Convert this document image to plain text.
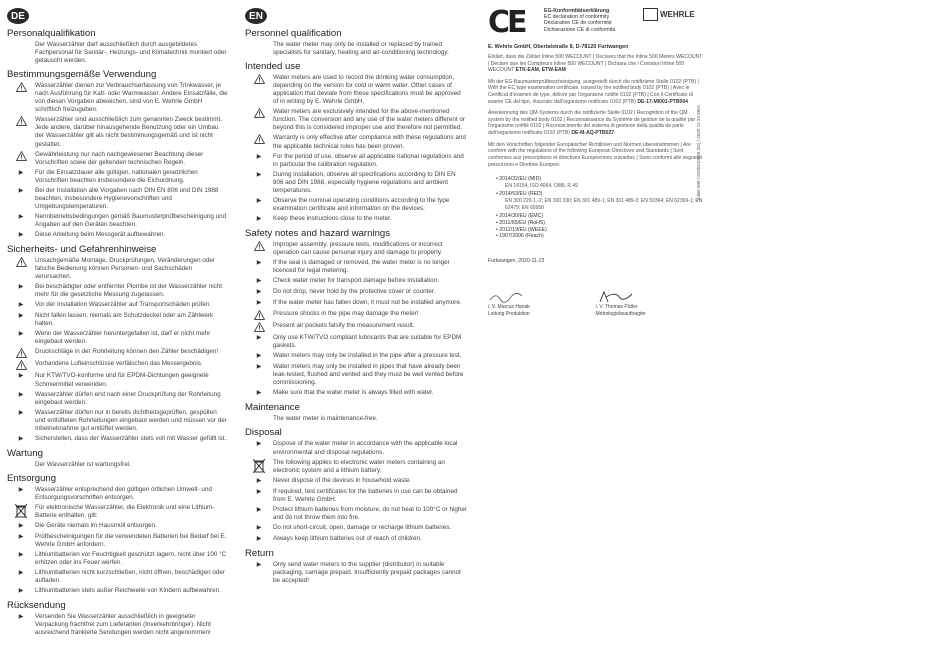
DE
Personalqualifikation
Der Wasserzähler darf ausschließlich durch ausgebildetes Fachpersonal für Sanitär-, Heizungs- und Klimatechnik montiert oder getauscht werden.
Bestimmungsgemäße Verwendung
Wasserzähler dienen zur Verbrauchserfassung von Trinkwasser, je nach Ausführung für Kalt- oder Warmwasser. Andere Einsatzfälle, die von diesen Vorgaben abweichen, sind von E. Wehrle GmbH schriftlich freizugeben.
Wasserzähler sind ausschließlich zum genannten Zweck bestimmt. Jede andere, darüber hinausgehende Benutzung oder ein Umbau der Wasserzähler gilt als nicht bestimmungsgemäß und ist nicht gestattet.
Gewährleistung nur nach nachgewiesener Beachtung dieser Vorschriften sowie der geltenden technischen Regeln.
▶	Für die Einsatzdauer alle gültigen, nationalen gesetzlichen Vorschriften beachten insbesondere die Eichordnung.
▶	Bei der Installation alle Vorgaben nach DIN EN 806 und DIN 1988 beachten, insbesondere Hygienevorschriften und Umgebungstemperaturen.
▶	Nennbetriebsbedingungen gemäß Baumusterprüfbescheinigung und Angaben auf den Geräten beachten.
▶	Diese Anleitung beim Messgerät aufbewahren.
Sicherheits- und Gefahrenhinweise
Unsachgemäße Montage, Druckprüfungen, Veränderungen oder falsche Bedienung können Personen- und Sachschäden verursachen.
▶	Bei beschädigter oder entfernter Plombe ist der Wasserzähler nicht mehr für die gesetzliche Messung zugelassen.
▶	Vor der Installation Wasserzähler auf Transportschäden prüfen.
▶	Nicht fallen lassen, niemals am Schutzdeckel oder am Zählwerk halten.
▶	Wenn der Wasserzähler heruntergefallen ist, darf er nicht mehr eingebaut werden.
Druckschläge in der Rohrleitung können den Zähler beschädigen!
Vorhandene Lufteinschlüsse verfälschen das Messergebnis.
▶	Nur KTW/TVO-konforme und für EPDM-Dichtungen geeignete Schmiermittel verwenden.
▶	Wasserzähler dürfen erst nach einer Druckprüfung der Rohrleitung eingebaut werden.
▶	Wasserzähler dürfen nur in bereits dichtheitsgeprüften, gespülten und entlüfteten Rohrleitungen eingebaut werden und müssen vor der Inbetriebnahme gut entlüftet werden.
▶	Sicherstellen, dass der Wasserzähler stets voll mit Wasser gefüllt ist.
Wartung
Der Wasserzähler ist wartungsfrei.
Entsorgung
▶	Wasserzähler entsprechend den gültigen örtlichen Umwelt- und Entsorgungsvorschriften entsorgen.
Für elektronische Wasserzähler, die Elektronik und eine Lithium-Batterie enthalten, gilt:
▶	Die Geräte niemals im Hausmüll entsorgen.
▶	Prüfbescheinigungen für die verwendeten Batterien bei Bedarf bei E. Wehrle GmbH anfordern.
▶	Lithiumbatterien vor Feuchtigkeit geschützt lagern, nicht über 100 °C erhitzen oder ins Feuer werfen.
▶	Lithiumbatterien nicht kurzschließen, nicht öffnen, beschädigen oder aufladen.
▶	Lithiumbatterien stets außer Reichweite von Kindern aufbewahren.
Rücksendung
▶	Versenden Sie Wasserzähler ausschließlich in geeigneter Verpackung frachtfrei zum Lieferanten (Inverkehrbringer). Nicht ausreichend frankierte Sendungen werden nicht angenommen!
EN
Personnel qualification
The water meter may only be installed or replaced by trained specialists for sanitary, heating and air-conditioning technology.
Intended use
Water meters are used to record the drinking water consumption, depending on the version for cold or warm water. Other cases of application that deviate from these specifications must be approved of in writing by E. Wehrle GmbH.
Water meters are exclusively intended for the above-mentioned function. The conversion and any use of the water meters different or beyond this is considered improper use and therefore not permitted.
Warranty is only effective after compliance with these regulations and the applicable technical rules has been proven.
▶	For the period of use, observe all applicable national regulations and in particular the calibration regulation.
▶	During installation, observe all specifications according to DIN EN 806 and DIN 1988, especially hygiene regulations and ambient temperatures.
▶	Observe the nominal operating conditions according to the type examination certificate and information on the devices.
▶	Keep these instructions close to the meter.
Safety notes and hazard warnings
Improper assembly, pressure tests, modifications or incorrect operation can cause personal injury and damage to property.
▶	If the seal is damaged or removed, the water meter is no longer licenced for legal metering.
▶	Check water meter for transport damage before installation.
▶	Do not drop, never hold by the protective cover or counter.
▶	If the water meter has fallen down, it must not be installed anymore.
Pressure shocks in the pipe may damage the meter!
Present air pockets falsify the measurement result.
▶	Only use KTW/TVO compliant lubricants that are suitable for EPDM gaskets.
▶	Water meters may only be installed in the pipe after a pressure test.
▶	Water meters may only be installed in pipes that have already been leak-tested, flushed and vented and they must be well vented before commissioning.
▶	Make sure that the water meter is always filled with water.
Maintenance
The water meter is maintenance-free.
Disposal
▶	Dispose of the water meter in accordance with the applicable local environmental and disposal regulations.
The following applies to electronic water meters containing an electronic system and a lithium battery:
▶	Never dispose of the devices in household waste.
▶	If required, test certificates for the batteries in use can be obtained from E. Wehrle GmbH.
▶	Protect lithium batteries from moisture, do not heat to 100°C or higher and do not throw them into fire.
▶	Do not short-circuit, open, damage or recharge lithium batteries.
▶	Always keep lithium batteries out of reach of children.
Return
▶	Only send water meters to the supplier (distributor) in suitable packaging, carriage prepaid. Insufficiently prepaid packages cannot be accepted!
CE	EG-Konformitätserklärung
EC declaration of conformity
Déclaration CE de conformité
Dichiarazione CE di conformità
WEHRLE
E. Wehrle GmbH, Obertalstraße 8, D-78120 Furtwangen
Erklärt, dass die Zähler Inline 500 WECOUNT | Declares that the Inline 500 Meters WECOUNT | Declare que les Compteurs Inline 500 WECOUNT | Dichiara che i Contatori Inline 500 WECOUNT ETK-EAM, ETW-EAM
Mit der EG-Baumusterprüfbescheinigung, ausgestellt durch die notifizierte Stelle 0102 (PTB) | With the EC type examination certificate, issued by the notified body 0102 (PTB) | Avec le Certificat d'examen de type, délivré par l'organisme notifié 0102 (PTB) | Con il Certificato di esame CE del tipo, rilasciato dall'organismo notificato 0102 (PTB) DE-17-MI001-PTB004
Anerkennung des QM-Systems durch die notifizierte Stelle 0102 | Recognition of the QM system by the notified body 0102 | Reconnaissance du Système de gestion de la qualité par l'organisme notifié 0102 | Riconoscimento del sistema di gestione della qualità da parte dell'organismo notificato 0102 (PTB) DE-M-AQ-PTB027
Mit den Vorschriften folgender Europäischer Richtlinien und Normen übereinstimmen | Are conform with the regulations of the following European Directives and Standards | Sont conformes aux prescriptions et directives Européennes suivantes | Sono conformi alle seguenti prescrizioni e Direttive Europee:
• 2014/32/EU (MID)
EN 14154, ISO 4064, OIML R 49
• 2014/53/EU (RED)
EN 300 220-1,-2; EN 300 330; EN 301 489-1; EN 301 489-3; EN 50364; EN 62369-1; EN 62479; EN 60950
• 2014/30/EU (EMC)
• 2011/65/EU (RoHS)
• 2012/19/EU (WEEE)
• 1907/2006 (Reach)
Furtwangen, 2020-11-23
i. V. Marcus Hanak
Leitung Produktion
i. V. Thomas Pütler
Metrologiebeauftragter
Inline 500 / 8100410020 (02) / 2020-11-23 MEA
